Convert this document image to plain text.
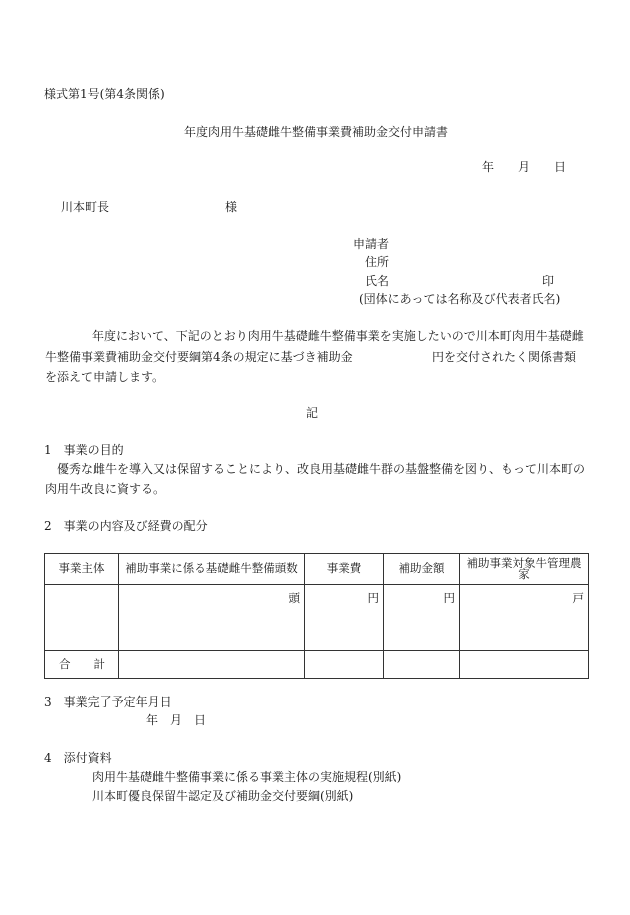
様式第1号(第4条関係)
年度肉用牛基礎雌牛整備事業費補助金交付申請書
年　　月　　日
川本町長	様
申請者
住所
氏名	印
(団体にあっては名称及び代表者氏名)
年度において、下記のとおり肉用牛基礎雌牛整備事業を実施したいので川本町肉用牛基礎雌
牛整備事業費補助金交付要綱第4条の規定に基づき補助金	円を交付されたく関係書類
を添えて申請します。
記
1　事業の目的
優秀な雌牛を導入又は保留することにより、改良用基礎雌牛群の基盤整備を図り、もって川本町の
肉用牛改良に資する。
2　事業の内容及び経費の配分
事業主体	補助事業に係る基礎雌牛整備頭数	事業費	補助金額	補助事業対象牛管理農家
	頭	円	円	戸
合　　計				
3　事業完了予定年月日
年　月　日
4　添付資料
肉用牛基礎雌牛整備事業に係る事業主体の実施規程(別紙)
川本町優良保留牛認定及び補助金交付要綱(別紙)
